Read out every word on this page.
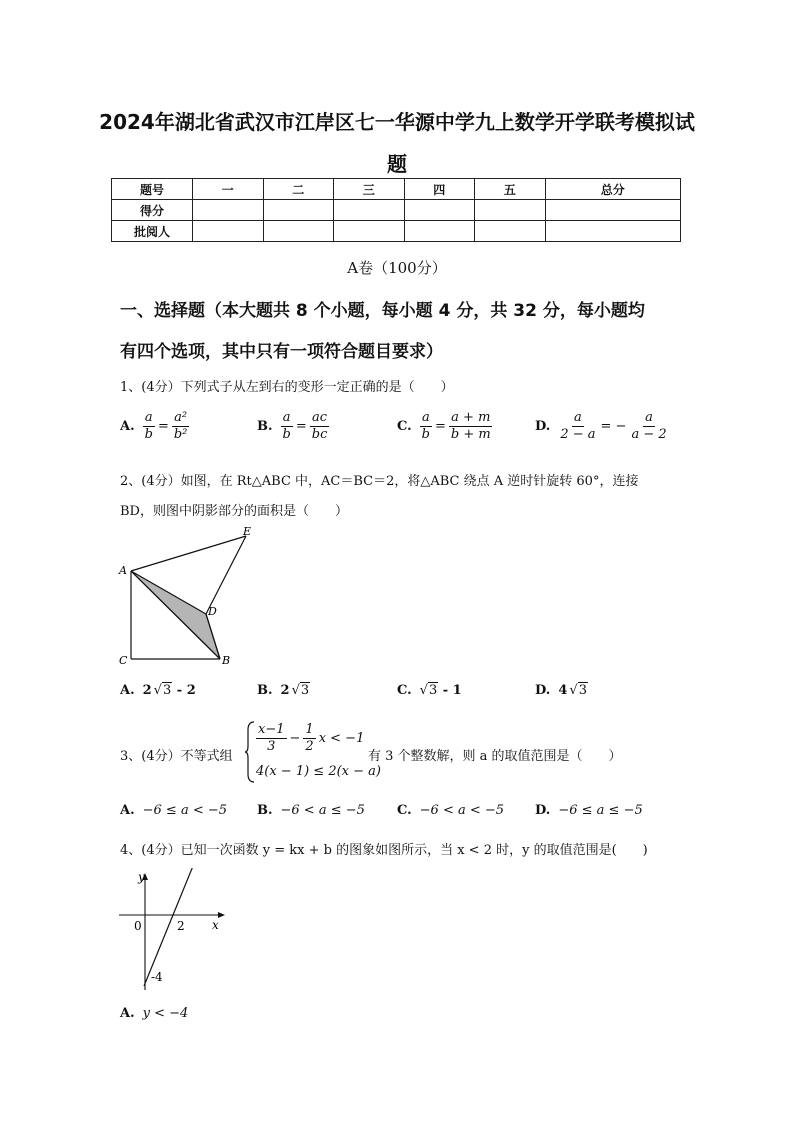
2024年湖北省武汉市江岸区七一华源中学九上数学开学联考模拟试
题
题号	一	二	三	四	五	总分
得分						
批阅人						
A卷（100分）
一、选择题（本大题共 8 个小题，每小题 4 分，共 32 分，每小题均
有四个选项，其中只有一项符合题目要求）
1、(4分）下列式子从左到右的变形一定正确的是（　　）
A. $\frac{a}{b} = \frac{\text{a²}}{\text{b²}}$	B. $\frac{a}{b} = \frac{ac}{bc}$	C. $\frac{a}{b} = \frac{a + m}{b + m}$	D. $\frac{a}{2 - a}$ = − $\frac{a}{a - 2}$
2、(4分）如图，在 Rt△ABC 中，AC＝BC＝2，将△ABC 绕点 A 逆时针旋转 60°，连接
BD，则图中阴影部分的面积是（　　）
A
C	B
D
E
A. 2 √ 3 - 2	B. 2 √ 3	C. √ 3 - 1	D. 4 √ 3
3、(4分）不等式组
$\frac{x-1}{3} - \frac{1}{2}$ x < −1
4(x − 1) ≤ 2(x − a)
有 3 个整数解，则 a 的取值范围是（　　）
A. −6 ≤ a < −5 B. −6 < a ≤ −5 C. −6 < a < −5 D. −6 ≤ a ≤ −5
4、(4分）已知一次函数 y = kx + b 的图象如图所示，当 x < 2 时，y 的取值范围是(　　)
y
x
0	2
-4
A. y < −4
